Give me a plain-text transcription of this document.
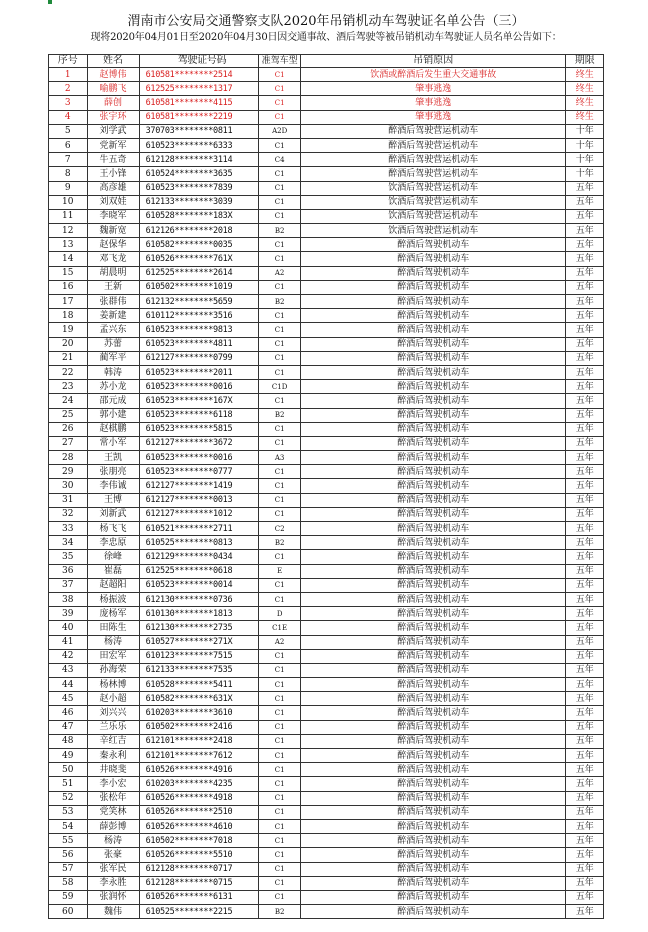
渭南市公安局交通警察支队2020年吊销机动车驾驶证名单公告（三）
现将2020年04月01日至2020年04月30日因交通事故、酒后驾驶等被吊销机动车驾驶证人员名单公告如下：
序号	姓名	驾驶证号码	准驾车型	吊销原因	期限
1	赵博伟	610581********2514	C1	饮酒或醉酒后发生重大交通事故	终生
2	喻鹏飞	612525********1317	C1	肇事逃逸	终生
3	薛创	610581********4115	C1	肇事逃逸	终生
4	张宇环	610581********2219	C1	肇事逃逸	终生
5	刘学武	370703********0811	A2D	醉酒后驾驶营运机动车	十年
6	党新军	610523********6333	C1	醉酒后驾驶营运机动车	十年
7	牛五奇	612128********3114	C4	醉酒后驾驶营运机动车	十年
8	王小锋	610524********3635	C1	醉酒后驾驶营运机动车	十年
9	高彦雄	610523********7839	C1	饮酒后驾驶营运机动车	五年
10	刘双娃	612133********3039	C1	饮酒后驾驶营运机动车	五年
11	李晓军	610528********183X	C1	饮酒后驾驶营运机动车	五年
12	魏新宽	612126********2018	B2	饮酒后驾驶营运机动车	五年
13	赵保华	610582********0035	C1	醉酒后驾驶机动车	五年
14	邓飞龙	610526********761X	C1	醉酒后驾驶机动车	五年
15	胡晨明	612525********2614	A2	醉酒后驾驶机动车	五年
16	王新	610502********1019	C1	醉酒后驾驶机动车	五年
17	张群伟	612132********5659	B2	醉酒后驾驶机动车	五年
18	姜新建	610112********3516	C1	醉酒后驾驶机动车	五年
19	孟兴东	610523********9813	C1	醉酒后驾驶机动车	五年
20	苏蕾	610523********4811	C1	醉酒后驾驶机动车	五年
21	蔺军平	612127********0799	C1	醉酒后驾驶机动车	五年
22	韩涛	610523********2011	C1	醉酒后驾驶机动车	五年
23	苏小龙	610523********0016	C1D	醉酒后驾驶机动车	五年
24	邵元成	610523********167X	C1	醉酒后驾驶机动车	五年
25	郭小建	610523********6118	B2	醉酒后驾驶机动车	五年
26	赵棋鹏	610523********5815	C1	醉酒后驾驶机动车	五年
27	常小军	612127********3672	C1	醉酒后驾驶机动车	五年
28	王凯	610523********0016	A3	醉酒后驾驶机动车	五年
29	张朋亮	610523********0777	C1	醉酒后驾驶机动车	五年
30	李伟诚	612127********1419	C1	醉酒后驾驶机动车	五年
31	王博	612127********0013	C1	醉酒后驾驶机动车	五年
32	刘新武	612127********1012	C1	醉酒后驾驶机动车	五年
33	杨飞飞	610521********2711	C2	醉酒后驾驶机动车	五年
34	李忠原	610525********0813	B2	醉酒后驾驶机动车	五年
35	徐峰	612129********0434	C1	醉酒后驾驶机动车	五年
36	崔磊	612525********0618	E	醉酒后驾驶机动车	五年
37	赵超阳	610523********0014	C1	醉酒后驾驶机动车	五年
38	杨振波	612130********0736	C1	醉酒后驾驶机动车	五年
39	庞杨军	610130********1813	D	醉酒后驾驶机动车	五年
40	田陈生	612130********2735	C1E	醉酒后驾驶机动车	五年
41	杨涛	610527********271X	A2	醉酒后驾驶机动车	五年
42	田宏军	610123********7515	C1	醉酒后驾驶机动车	五年
43	孙海荣	612133********7535	C1	醉酒后驾驶机动车	五年
44	杨林博	610528********5411	C1	醉酒后驾驶机动车	五年
45	赵小超	610582********631X	C1	醉酒后驾驶机动车	五年
46	刘兴兴	610203********3610	C1	醉酒后驾驶机动车	五年
47	兰乐乐	610502********2416	C1	醉酒后驾驶机动车	五年
48	辛红吉	612101********2418	C1	醉酒后驾驶机动车	五年
49	秦永利	612101********7612	C1	醉酒后驾驶机动车	五年
50	井晓斐	610526********4916	C1	醉酒后驾驶机动车	五年
51	李小宏	610203********4235	C1	醉酒后驾驶机动车	五年
52	张松年	610526********4918	C1	醉酒后驾驶机动车	五年
53	党笑林	610526********2510	C1	醉酒后驾驶机动车	五年
54	薛彭博	610526********4610	C1	醉酒后驾驶机动车	五年
55	杨涛	610502********7018	C1	醉酒后驾驶机动车	五年
56	张豪	610526********5510	C1	醉酒后驾驶机动车	五年
57	张军民	612128********0717	C1	醉酒后驾驶机动车	五年
58	李永胜	612128********0715	C1	醉酒后驾驶机动车	五年
59	张润怀	610526********6131	C1	醉酒后驾驶机动车	五年
60	魏伟	610525********2215	B2	醉酒后驾驶机动车	五年
